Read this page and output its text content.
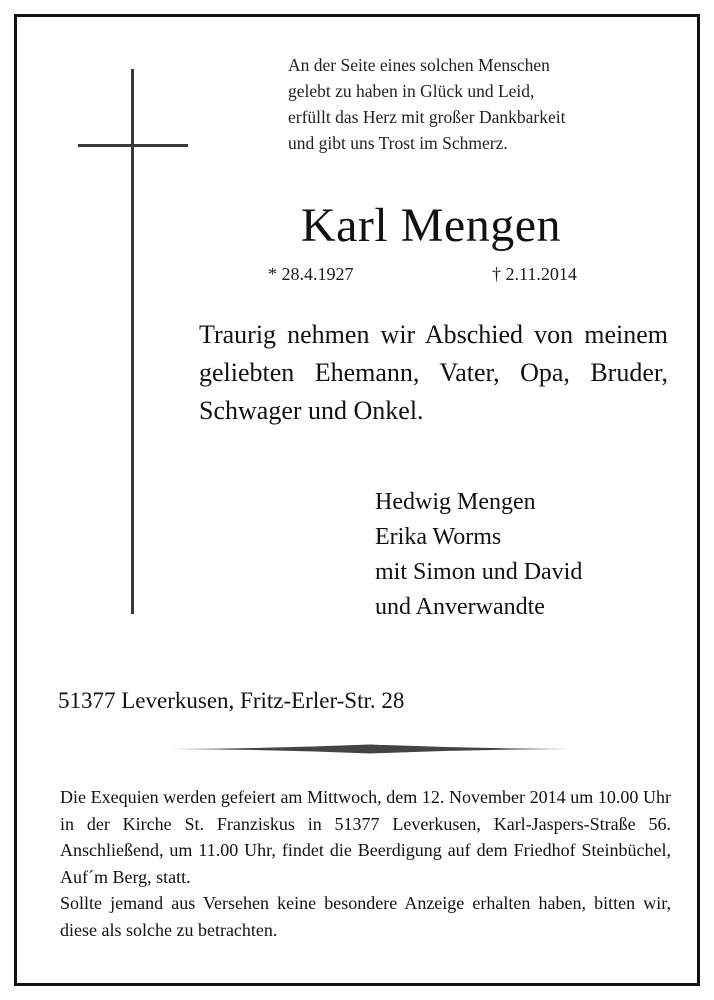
An der Seite eines solchen Menschen
gelebt zu haben in Glück und Leid,
erfüllt das Herz mit großer Dankbarkeit
und gibt uns Trost im Schmerz.
Karl Mengen
* 28.4.1927	† 2.11.2014
Traurig nehmen wir Abschied von meinem geliebten Ehemann, Vater, Opa, Bruder, Schwager und Onkel.
Hedwig Mengen
Erika Worms
mit Simon und David
und Anverwandte
51377 Leverkusen, Fritz-Erler-Str. 28

Die Exequien werden gefeiert am Mittwoch, dem 12. November 2014 um 10.00 Uhr in der Kirche St. Franziskus in 51377 Leverkusen, Karl-Jaspers-Straße 56. Anschließend, um 11.00 Uhr, findet die Beerdigung auf dem Friedhof Steinbüchel, Auf´m Berg, statt.

Sollte jemand aus Versehen keine besondere Anzeige erhalten haben, bitten wir, diese als solche zu betrachten.
